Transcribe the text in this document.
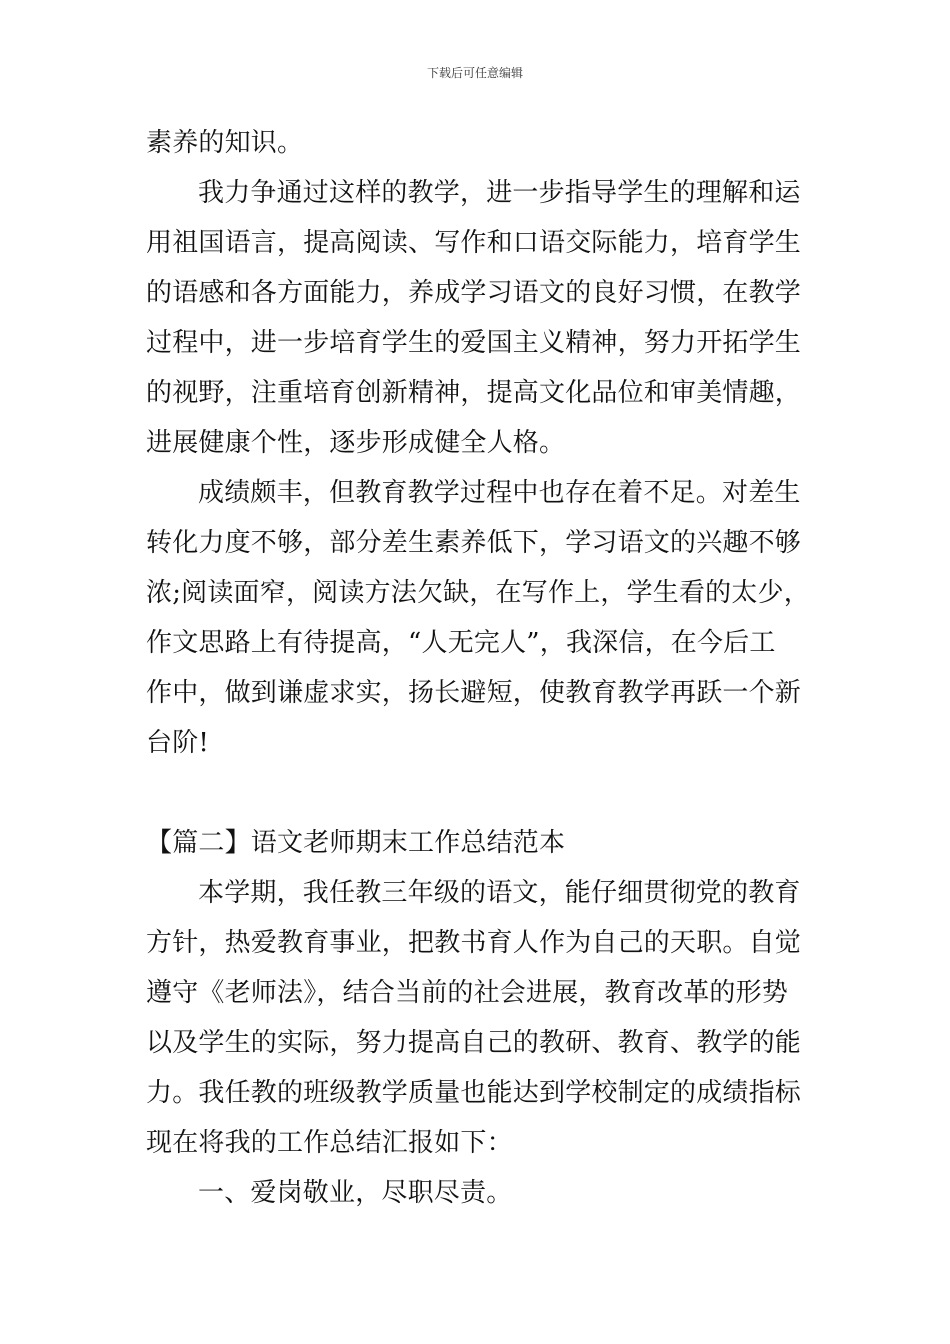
下载后可任意编辑
素养的知识。
我力争通过这样的教学，进一步指导学生的理解和运
用祖国语言，提高阅读、写作和口语交际能力，培育学生
的语感和各方面能力，养成学习语文的良好习惯，在教学
过程中，进一步培育学生的爱国主义精神，努力开拓学生
的视野，注重培育创新精神，提高文化品位和审美情趣，
进展健康个性，逐步形成健全人格。
成绩颇丰，但教育教学过程中也存在着不足。对差生
转化力度不够，部分差生素养低下，学习语文的兴趣不够
浓;阅读面窄，阅读方法欠缺，在写作上，学生看的太少，
作文思路上有待提高，“人无完人”，我深信，在今后工
作中，做到谦虚求实，扬长避短，使教育教学再跃一个新
台阶!
【篇二】语文老师期末工作总结范本
本学期，我任教三年级的语文，能仔细贯彻党的教育
方针，热爱教育事业，把教书育人作为自己的天职。自觉
遵守《老师法》，结合当前的社会进展，教育改革的形势
以及学生的实际，努力提高自己的教研、教育、教学的能
力。我任教的班级教学质量也能达到学校制定的成绩指标
现在将我的工作总结汇报如下：
一、爱岗敬业，尽职尽责。
